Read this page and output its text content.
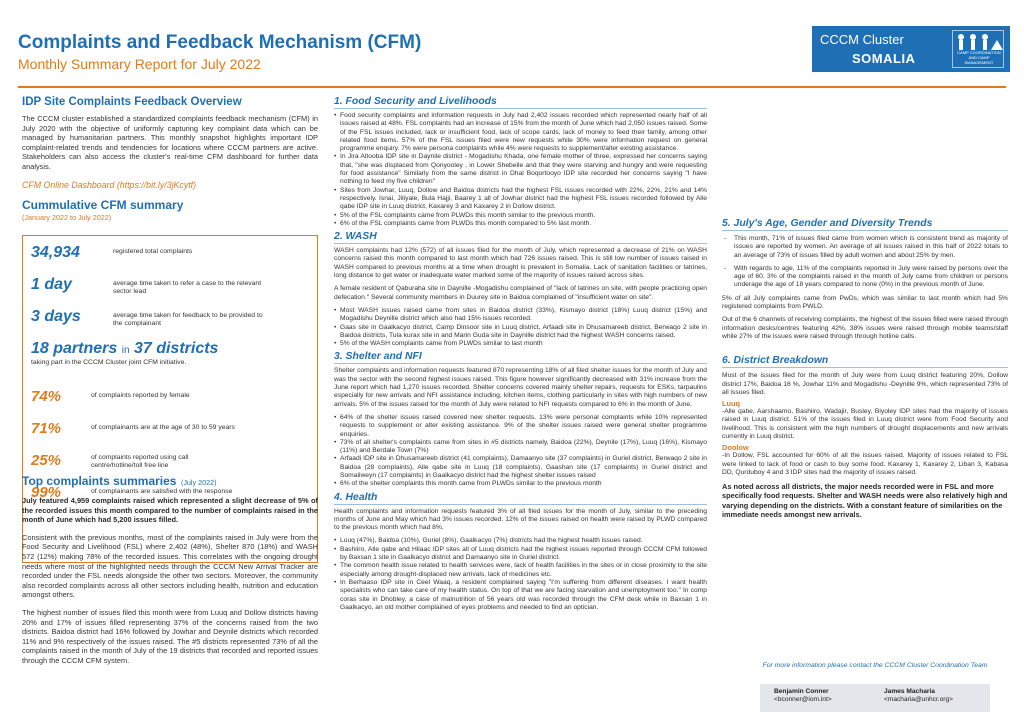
Complaints and Feedback Mechanism (CFM)
Monthly Summary Report for July 2022
CCCM Cluster
SOMALIA	CAMP COORDINATION AND CAMP MANAGEMENT
IDP Site Complaints Feedback Overview
The CCCM cluster established a standardized complaints feedback mechanism (CFM) in July 2020 with the objective of uniformly capturing key complaint data which can be managed by humanitarian partners. This monthly snapshot highlights important IDP complaint-related trends and tendencies for locations where CCCM partners are active. Stakeholders can also access the cluster's real-time CFM dashboard for further data analysis.
CFM Online Dashboard (https://bit.ly/3jKcytf)
Cummulative CFM summary
(January 2022 to July 2022)
34,934	registered total complaints
1 day	average time taken to refer a case to the relevant sector lead
3 days	average time taken for feedback to be provided to the complainant
18 partners in 37 districts
taking part in the CCCM Cluster joint CFM initiative.
74%	of complaints reported by female
71%	of complainants are at the age of 30 to 59 years
25%	of complaints reported using call centre/hotline/toll free line
99%	of complainants are satisfied with the response
Top complaints summaries (July 2022)
July featured 4,959 complaints raised which represented a slight decrease of 5% of the recorded issues this month compared to the number of complaints raised in the month of June which had 5,200 issues filled.
Consistent with the previous months, most of the complaints raised in July were from the Food Security and Livelihood (FSL) where 2,402 (48%), Shelter 870 (18%) and WASH 572 (12%) making 78% of the recorded issues. This correlates with the ongoing drought needs where most of the highlighted needs through the CCCM New Arrival Tracker are recorded under the FSL needs alongside the other two sectors. Moreover, the community also recorded complaints across all other sectors including health, nutrition and education amongst others.
The highest number of issues filed this month were from Luuq and Dollow districts having 20% and 17% of issues filled representing 37% of the concerns raised from the two districts. Baidoa district had 16% followed by Jowhar and Deynile districts which recorded 11% and 9% respectively of the issues raised. The #5 districts represented 73% of all the complaints raised in the month of July of the 19 districts that recorded and reported issues through the CCCM CFM system.
1. Food Security and Livelihoods
• Food security complaints and information requests in July had 2,402 issues recorded which represented nearly half of all issues raised at 48%. FSL complaints had an increase of 15% from the month of June which had 2,050 issues raised. Some of the FSL issues included, lack or insufficient food, lack of scope cards, lack of money to feed their family, among other related food items. 57% of the FSL issues filed were new requests while 30% were information request on general programme enquiry. 7% were persona complaints while 4% were requests to supplement/alter existing assistance.
• In Jira Altooba IDP site in Daynile district - Mogadishu Khada, one female mother of three, expressed her concerns saying that, "she was displaced from Qonyooley , in Lower Shebelle and that they were starving and hungry and were requesting for food assistance" Similarly from the same district in Dhal Boqortooyo IDP site recorded her concerns saying "I have nothing to feed my five children"
• Sites from Jowhar, Luuq, Dollow and Baidoa districts had the highest FSL issues recorded with 22%, 22%, 21% and 14% respectively. Isnai, Jiliyale, Bula Hajji, Baarey 1 all of Jowhar district had the highest FSL issues recorded followed by Alle qabe IDP site in Luuq district, Kaxarey 3 and Kaxarey 2 in Dollow district.
• 5% of the FSL complaints came from PLWDs this month similar to the previous month.
• 6% of the FSL complaints came from PLWDs this month compared to 5% last month.
2. WASH
WASH complaints had 12% (572) of all issues filed for the month of July, which represented a decrease of 21% on WASH concerns raised this month compared to last month which had 726 issues raised. This is still low number of issues raised in WASH compared to previous months at a time when drought is prevalent in Somalia. Lack of sanitation facilities or latrines, long distance to get water or inadequate water marked some of the majority of issues raised across sites.
A female resident of Qaburaha site in Daynille -Mogadishu complained of "lack of latrines on site, with people practicing open defecation." Several community members in Duurey site in Baidoa complained of "insufficient water on site".
• Most WASH issues raised came from sites in Baidoa district (33%), Kismayo district (18%) Luuq district (15%) and Mogadishu Deynille district which also had 15% issues recorded.
• Gaas site in Gaalkacyo district, Camp Dinsoor site in Luuq district, Arfaadi site in Dhusamareeb district, Berwaqo 2 site in Baidoa districts, Tula kurax site in and Marin Guda site in Daynille district had the highest WASH concerns raised.
• 5% of the WASH complaints came from PLWDs similar to last month
3. Shelter and NFI
Shelter complaints and information requests featured 870 representing 18% of all filed shelter issues for the month of July and was the sector with the second highest issues raised. This figure however significantly decreased with 31% increase from the June report which had 1,270 issues recorded. Shelter concerns covered mainly shelter repairs, requests for ESKs, tarpaulins especially for new arrivals and NFI assistance including, kitchen items, clothing particularly in sites with high numbers of new arrivals. 5% of the issues raised for the month of July were related to NFI requests compared to 6% in the month of June.
• 64% of the shelter issues raised covered new shelter requests. 13% were personal complaints while 10% represented requests to supplement or alter existing assistance. 9% of the shelter issues raised were general shelter programme enquiries.
• 73% of all shelter's complaints came from sites in #5 districts namely, Baidoa (22%), Deynile (17%), Luuq (16%), Kismayo (11%) and Berdale Town (7%)
• Arfaadi IDP site in Dhusamareeb district (41 complaints), Damaanyo site (37 complaints) in Guriel district, Berwaqo 2 site in Baidoa (28 complaints), Alle qabe site in Luuq (18 complaints), Gaashan site (17 complaints) in Guriel district and Somaliweyn (17 complaints) in Gaalkacyo district had the highest shelter issues raised
• 6% of the shelter complaints this month came from PLWDs similar to the previous month
4. Health
Health complaints and information requests featured 3% of all filed issues for the month of July, similar to the preceding months of June and May which had 3% issues recorded. 12% of the issues raised on health were raised by PLWD compared to the previous month which had 8%.
• Luuq (47%), Baidoa (10%), Guriel (8%), Gaalkacyo (7%) districts had the highest health issues raised.
• Bashiiro, Alle qabe and Hilaac IDP sites all of Luuq districts had the highest issues reported through CCCM CFM followed by Baxsan 1 site in Gaalkacyo district and Damaanyo site in Guriel district.
• The common health issue related to health services were, lack of health facilities in the sites or in close proximity to the site especially among drought-displaced new arrivals, lack of medicines etc.
• In Berhaaso IDP site in Ceel Waaq, a resident complained saying "I'm suffering from different diseases. I want health specialists who can take care of my health status. On top of that we are facing starvation and unemployment too." In comp coras site in Dhobley, a case of malnutrition of 56 years old was recorded through the CFM desk while in Baxsan 1 in Gaalkacyo, an old mother complained of eyes problems and needed to find an optician.
5. July's Age, Gender and Diversity Trends
- This month, 71% of issues filed came from women which is consistent trend as majority of issues are reported by women. An average of all issues raised in this half of 2022 totals to an average of 73% of issues filled by adult women and about 25% by men.
- With regards to age, 11% of the complaints reported in July were raised by persons over the age of 60. 3% of the complaints raised in the month of July came from children or persons underage the age of 18 years compared to none (0%) in the previous month of June.
5% of all July complaints came from PwDs, which was similar to last month which had 5% registered complaints from PWLD.
Out of the 6 channels of receiving complaints, the highest of the issues filled were raised through information desks/centres featuring 42%, 38% issues were raised through mobile teams/staff while 27% of the issues were raised through through hotline calls.
6. District Breakdown
Most of the issues filed for the month of July were from Luuq district featuring 20%, Dollow district 17%, Baidoa 16 %, Jowhar 11% and Mogadishu -Deynille 9%, which represented 73% of all issues filed.
Luuq
-Alle qabe, Aarshaamo, Bashiiro, Wadajir, Busley, Biyoley IDP sites had the majority of issues raised in Luuq district. 51% of the issues filed in Luuq district were from Food Security and livelihood. This is consistent with the high numbers of drought displacements and new arrivals currently in Luuq district.
Doolow
-In Dollow, FSL accounted for 60% of all the issues raised. Majority of issues related to FSL were linked to lack of food or cash to buy some food. Kaxarey 1, Kaxarey 2, Liban 3, Kabasa DD, Qurduboy 4 and 3 IDP sites had the majority of issues raised.
As noted across all districts, the major needs recorded were in FSL and more specifically food requests. Shelter and WASH needs were also relatively high and varying depending on the districts. With a constant feature of similarities on the immediate needs amongst new arrivals.
For more information please contact the CCCM Cluster Coordination Team
Benjamin Conner
<bconner@iom.int>
James Macharia
<macharia@unhcr.org>
